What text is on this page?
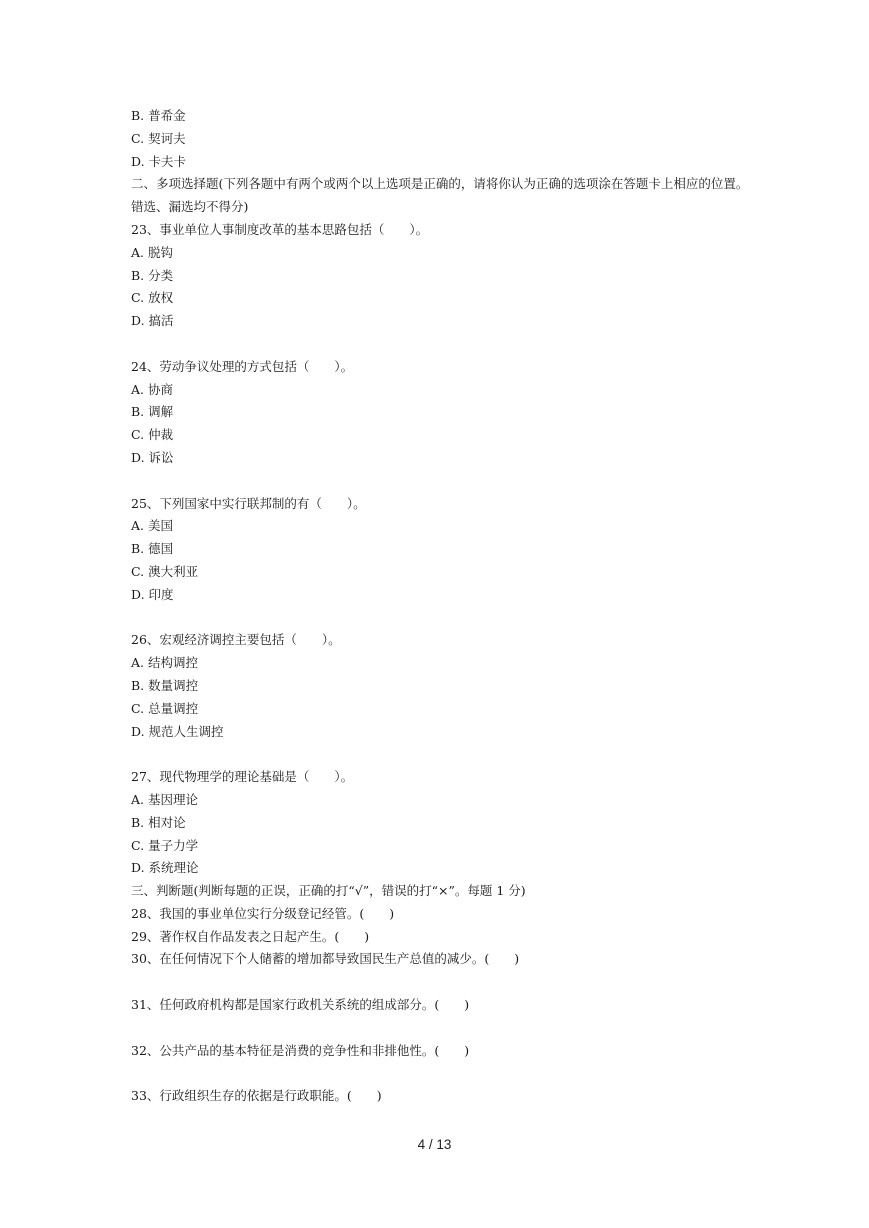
B. 普希金
C. 契诃夫
D. 卡夫卡
二、多项选择题(下列各题中有两个或两个以上选项是正确的，请将你认为正确的选项涂在答题卡上相应的位置。错选、漏选均不得分)
23、事业单位人事制度改革的基本思路包括（　　）。
A. 脱钩
B. 分类
C. 放权
D. 搞活
24、劳动争议处理的方式包括（　　）。
A. 协商
B. 调解
C. 仲裁
D. 诉讼
25、下列国家中实行联邦制的有（　　）。
A. 美国
B. 德国
C. 澳大利亚
D. 印度
26、宏观经济调控主要包括（　　）。
A. 结构调控
B. 数量调控
C. 总量调控
D. 规范人生调控
27、现代物理学的理论基础是（　　）。
A. 基因理论
B. 相对论
C. 量子力学
D. 系统理论
三、判断题(判断每题的正误，正确的打“√”，错误的打“×”。每题 1 分)
28、我国的事业单位实行分级登记经管。(　　)
29、著作权自作品发表之日起产生。(　　)
30、在任何情况下个人储蓄的增加都导致国民生产总值的减少。(　　)
31、任何政府机构都是国家行政机关系统的组成部分。(　　)
32、公共产品的基本特征是消费的竞争性和非排他性。(　　)
33、行政组织生存的依据是行政职能。(　　)
4 / 13
